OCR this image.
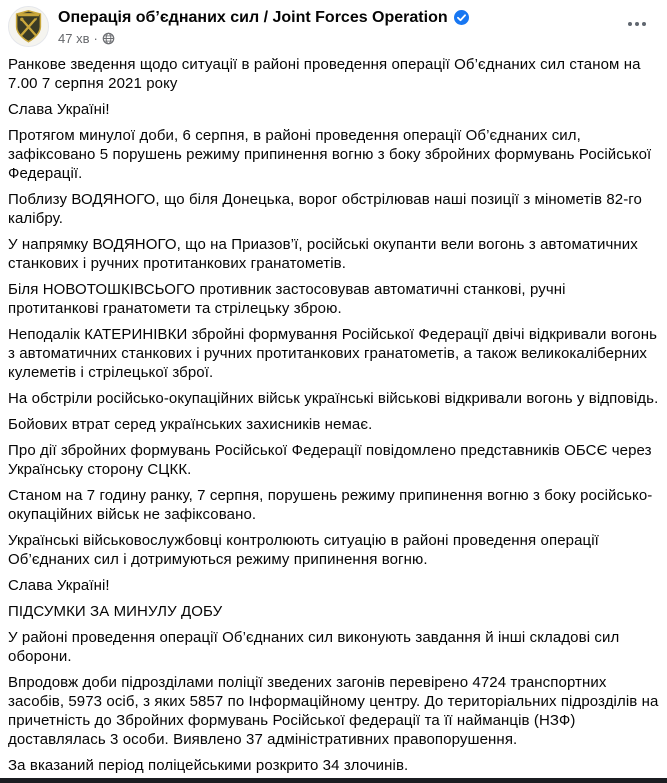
Операція об’єднаних сил / Joint Forces Operation
47 хв ·

Ранкове зведення щодо ситуації в районі проведення операції Об’єднаних сил станом на 7.00 7 серпня 2021 року

Слава Україні!

Протягом минулої доби, 6 серпня, в районі проведення операції Об’єднаних сил, зафіксовано 5 порушень режиму припинення вогню з боку збройних формувань Російської Федерації.

Поблизу ВОДЯНОГО, що біля Донецька, ворог обстрілював наші позиції з мінометів 82-го калібру.

У напрямку ВОДЯНОГО, що на Приазов’ї, російські окупанти вели вогонь з автоматичних станкових і ручних протитанкових гранатометів.

Біля НОВОТОШКІВСЬОГО противник застосовував автоматичні станкові, ручні протитанкові гранатомети та стрілецьку зброю.

Неподалік КАТЕРИНІВКИ збройні формування Російської Федерації двічі відкривали вогонь з автоматичних станкових і ручних протитанкових гранатометів, а також великокаліберних кулеметів і стрілецької зброї.

На обстріли російсько-окупаційних військ українські військові відкривали вогонь у відповідь.

Бойових втрат серед українських захисників немає.

Про дії збройних формувань Російської Федерації повідомлено представників ОБСЄ через Українську сторону СЦКК.

Станом на 7 годину ранку, 7 серпня, порушень режиму припинення вогню з боку російсько-окупаційних військ не зафіксовано.

Українські військовослужбовці контролюють ситуацію в районі проведення операції Об’єднаних сил і дотримуються режиму припинення вогню.

Слава Україні!

ПІДСУМКИ ЗА МИНУЛУ ДОБУ

У районі проведення операції Об’єднаних сил виконують завдання й інші складові сил оборони.

Впродовж доби підрозділами поліції зведених загонів перевірено 4724 транспортних засобів, 5973 осіб, з яких 5857 по Інформаційному центру. До територіальних підрозділів на причетність до Збройних формувань Російської федерації та її найманців (НЗФ) доставлялась 3 особи. Виявлено 37 адміністративних правопорушення.

За вказаний період поліцейськими розкрито 34 злочинів.
